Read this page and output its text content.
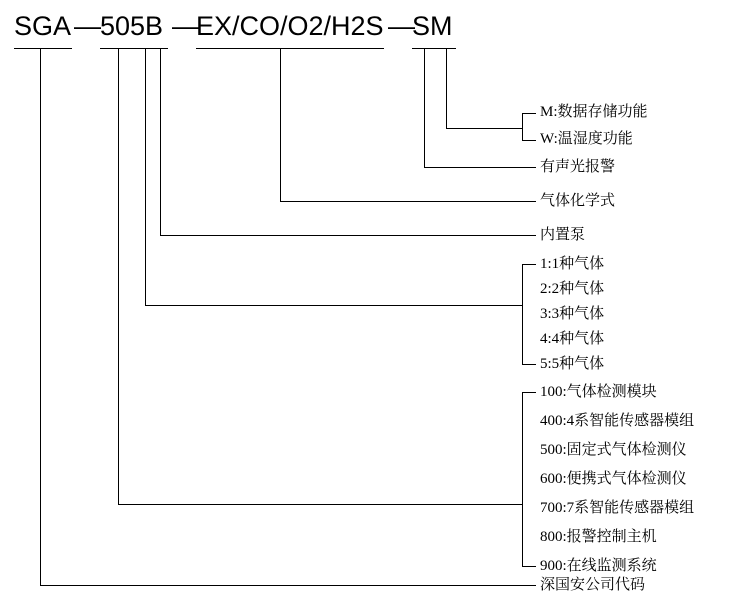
SGA — 505B —
EX/CO/O2/H2S —
SM
M:数据存储功能
W:温湿度功能
有声光报警
气体化学式
内置泵
1:1种气体
2:2种气体
3:3种气体
4:4种气体
5:5种气体
100:气体检测模块
400:4系智能传感器模组
500:固定式气体检测仪
600:便携式气体检测仪
700:7系智能传感器模组
800:报警控制主机
900:在线监测系统
深国安公司代码
